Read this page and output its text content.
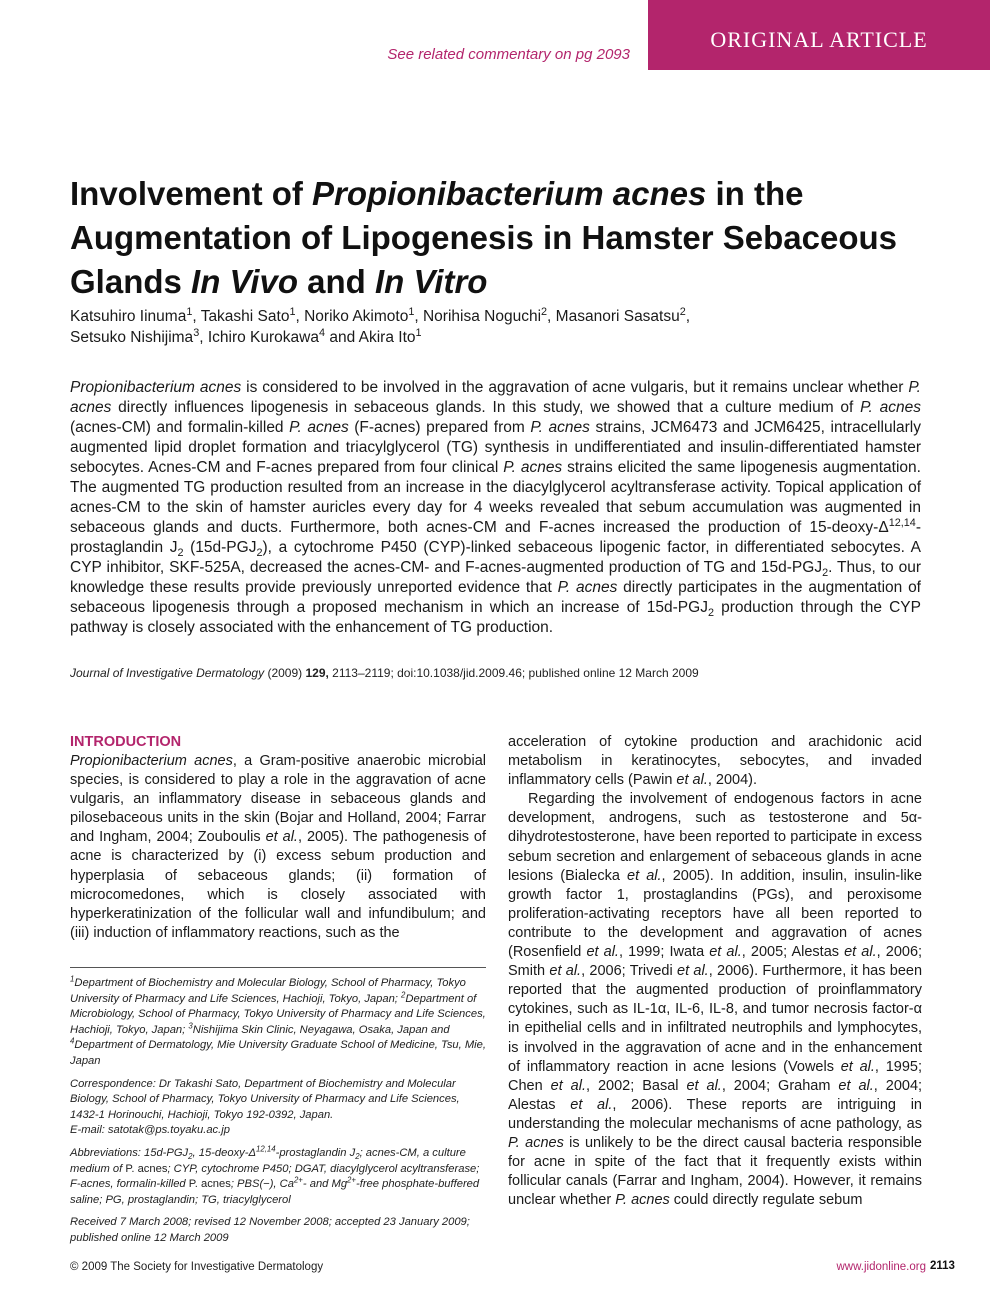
See related commentary on pg 2093
ORIGINAL ARTICLE
Involvement of Propionibacterium acnes in the Augmentation of Lipogenesis in Hamster Sebaceous Glands In Vivo and In Vitro
Katsuhiro Iinuma$^1$, Takashi Sato$^1$, Noriko Akimoto$^1$, Norihisa Noguchi$^2$, Masanori Sasatsu$^2$,
Setsuko Nishijima$^3$, Ichiro Kurokawa$^4$ and Akira Ito$^1$
Propionibacterium acnes is considered to be involved in the aggravation of acne vulgaris, but it remains unclear whether P. acnes directly influences lipogenesis in sebaceous glands. In this study, we showed that a culture medium of P. acnes (acnes-CM) and formalin-killed P. acnes (F-acnes) prepared from P. acnes strains, JCM6473 and JCM6425, intracellularly augmented lipid droplet formation and triacylglycerol (TG) synthesis in undifferentiated and insulin-differentiated hamster sebocytes. Acnes-CM and F-acnes prepared from four clinical P. acnes strains elicited the same lipogenesis augmentation. The augmented TG production resulted from an increase in the diacylglycerol acyltransferase activity. Topical application of acnes-CM to the skin of hamster auricles every day for 4 weeks revealed that sebum accumulation was augmented in sebaceous glands and ducts. Furthermore, both acnes-CM and F-acnes increased the production of $15-deoxy-\Delta^{12,14}$-prostaglandin $J_2$ $(15d-PGJ_2)$, a cytochrome P450 (CYP)-linked sebaceous lipogenic factor, in differentiated sebocytes. A CYP inhibitor, SKF-525A, decreased the acnes-CM- and F-acnes-augmented production of TG and $15d-PGJ_2$. Thus, to our knowledge these results provide previously unreported evidence that P. acnes directly participates in the augmentation of sebaceous lipogenesis through a proposed mechanism in which an increase of $15d-PGJ_2$ production through the CYP pathway is closely associated with the enhancement of TG production.
Journal of Investigative Dermatology (2009) 129, 2113–2119; doi:10.1038/jid.2009.46; published online 12 March 2009
INTRODUCTION

Propionibacterium acnes, a Gram-positive anaerobic microbial species, is considered to play a role in the aggravation of acne vulgaris, an inflammatory disease in sebaceous glands and pilosebaceous units in the skin (Bojar and Holland, 2004; Farrar and Ingham, 2004; Zouboulis et al., 2005). The pathogenesis of acne is characterized by (i) excess sebum production and hyperplasia of sebaceous glands; (ii) formation of microcomedones, which is closely associated with hyperkeratinization of the follicular wall and infundibulum; and (iii) induction of inflammatory reactions, such as the

acceleration of cytokine production and arachidonic acid metabolism in keratinocytes, sebocytes, and invaded inflammatory cells (Pawin et al., 2004).

Regarding the involvement of endogenous factors in acne development, androgens, such as testosterone and 5α-dihydrotestosterone, have been reported to participate in excess sebum secretion and enlargement of sebaceous glands in acne lesions (Bialecka et al., 2005). In addition, insulin, insulin-like growth factor 1, prostaglandins (PGs), and peroxisome proliferation-activating receptors have all been reported to contribute to the development and aggravation of acnes (Rosenfield et al., 1999; Iwata et al., 2005; Alestas et al., 2006; Smith et al., 2006; Trivedi et al., 2006). Furthermore, it has been reported that the augmented production of proinflammatory cytokines, such as IL-1α, IL-6, IL-8, and tumor necrosis factor-α in epithelial cells and in infiltrated neutrophils and lymphocytes, is involved in the aggravation of acne and in the enhancement of inflammatory reaction in acne lesions (Vowels et al., 1995; Chen et al., 2002; Basal et al., 2004; Graham et al., 2004; Alestas et al., 2006). These reports are intriguing in understanding the molecular mechanisms of acne pathology, as P. acnes is unlikely to be the direct causal bacteria responsible for acne in spite of the fact that it frequently exists within follicular canals (Farrar and Ingham, 2004). However, it remains unclear whether P. acnes could directly regulate sebum

$^1$Department of Biochemistry and Molecular Biology, School of Pharmacy, Tokyo University of Pharmacy and Life Sciences, Hachioji, Tokyo, Japan; $^2$Department of Microbiology, School of Pharmacy, Tokyo University of Pharmacy and Life Sciences, Hachioji, Tokyo, Japan; $^3$Nishijima Skin Clinic, Neyagawa, Osaka, Japan and $^4$Department of Dermatology, Mie University Graduate School of Medicine, Tsu, Mie, Japan

Correspondence: Dr Takashi Sato, Department of Biochemistry and Molecular Biology, School of Pharmacy, Tokyo University of Pharmacy and Life Sciences, 1432-1 Horinouchi, Hachioji, Tokyo 192-0392, Japan.
E-mail: satotak@ps.toyaku.ac.jp

Abbreviations: $15d-PGJ_2$, $15-deoxy-\Delta^{12,14}$-prostaglandin $J_2$; acnes-CM, a culture medium of P. acnes; CYP, cytochrome P450; DGAT, diacylglycerol acyltransferase; F-acnes, formalin-killed P. acnes; PBS(−), $Ca^{2+}-$ and $Mg^{2+}$-free phosphate-buffered saline; PG, prostaglandin; TG, triacylglycerol

Received 7 March 2008; revised 12 November 2008; accepted 23 January 2009; published online 12 March 2009

© 2009 The Society for Investigative Dermatology	www.jidonline.org 2113
